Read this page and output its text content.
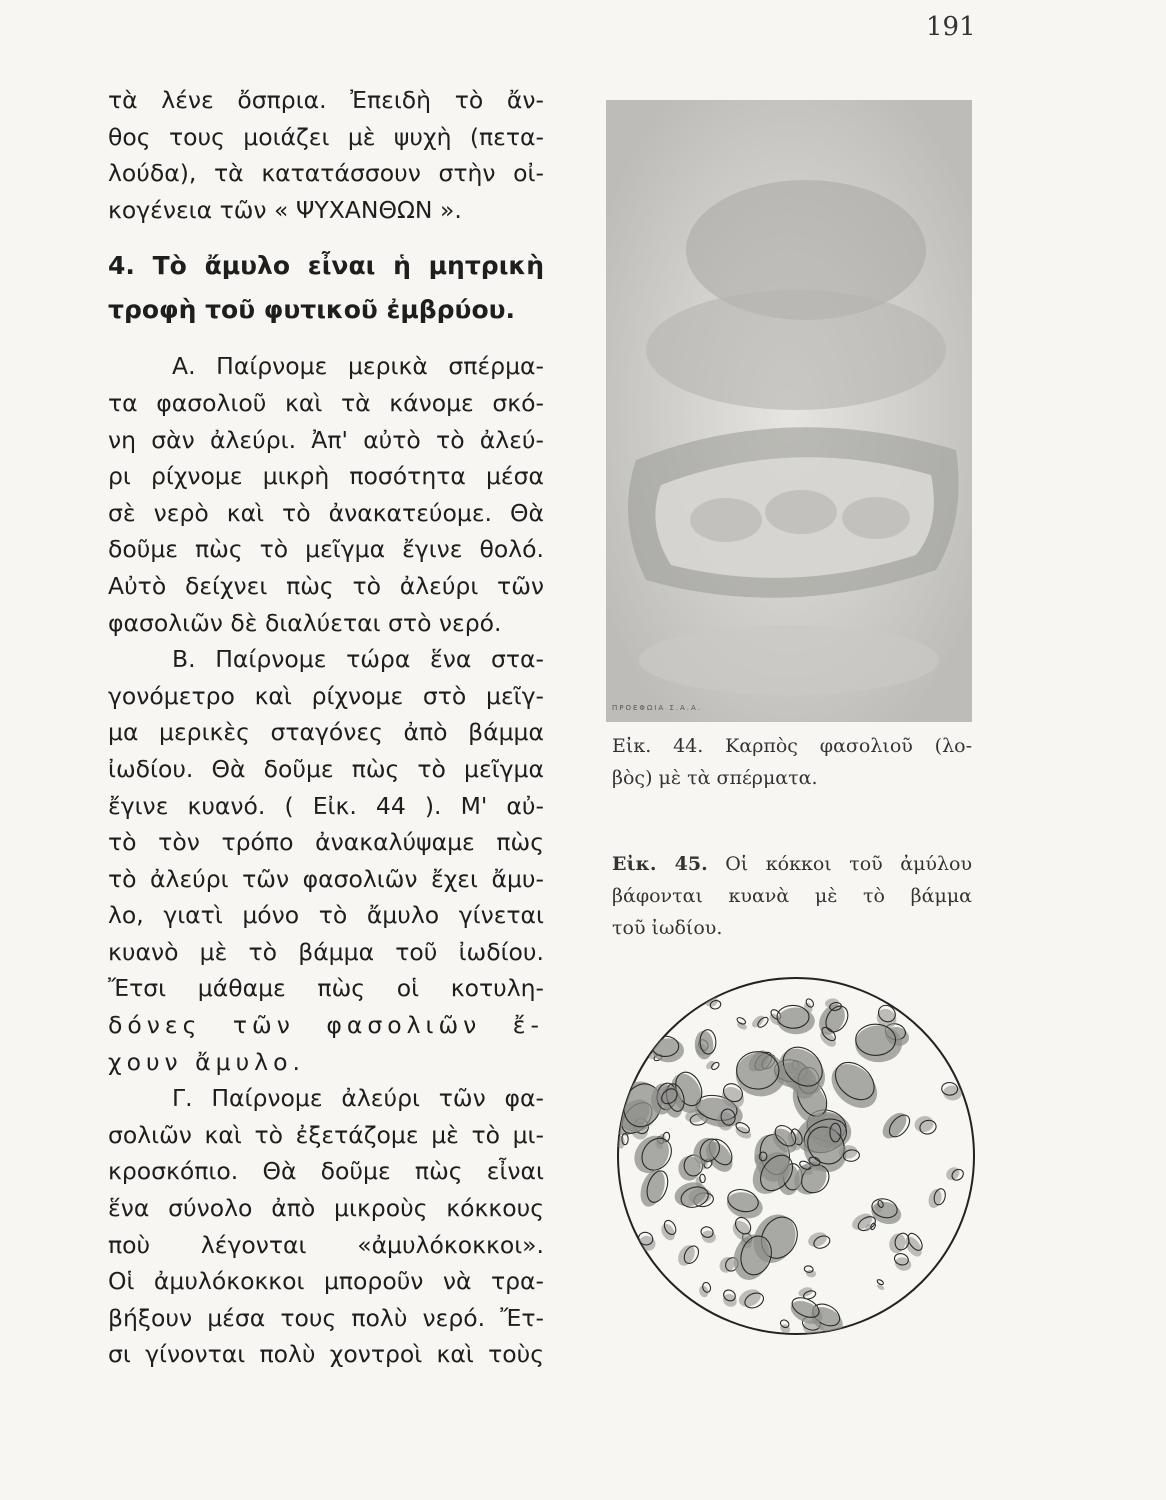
191
τὰ λένε ὄσπρια. Ἐπειδὴ τὸ ἄν-
θος τους μοιάζει μὲ ψυχὴ (πετα-
λούδα), τὰ κατατάσσουν στὴν οἰ-
κογένεια τῶν « ΨΥΧΑΝΘΩΝ ».
4. Τὸ ἄμυλο εἶναι ἡ μητρικὴ
τροφὴ τοῦ φυτικοῦ ἐμβρύου.
Α. Παίρνομε μερικὰ σπέρμα-
τα φασολιοῦ καὶ τὰ κάνομε σκό-
νη σὰν ἀλεύρι. Ἀπ' αὐτὸ τὸ ἀλεύ-
ρι ρίχνομε μικρὴ ποσότητα μέσα
σὲ νερὸ καὶ τὸ ἀνακατεύομε. Θὰ
δοῦμε πὼς τὸ μεῖγμα ἔγινε θολό.
Αὐτὸ δείχνει πὼς τὸ ἀλεύρι τῶν
φασολιῶν δὲ διαλύεται στὸ νερό.
Β. Παίρνομε τώρα ἕνα στα-
γονόμετρο καὶ ρίχνομε στὸ μεῖγ-
μα μερικὲς σταγόνες ἀπὸ βάμμα
ἰωδίου. Θὰ δοῦμε πὼς τὸ μεῖγμα
ἔγινε κυανό. ( Εἰκ. 44 ). Μ' αὐ-
τὸ τὸν τρόπο ἀνακαλύψαμε πὼς
τὸ ἀλεύρι τῶν φασολιῶν ἔχει ἄμυ-
λο, γιατὶ μόνο τὸ ἄμυλο γίνεται
κυανὸ μὲ τὸ βάμμα τοῦ ἰωδίου.
Ἔτσι μάθαμε πὼς οἱ κοτυλη-
δόνες τῶν φασολιῶν ἔ-
χουν ἄμυλο.
Γ. Παίρνομε ἀλεύρι τῶν φα-
σολιῶν καὶ τὸ ἐξετάζομε μὲ τὸ μι-
κροσκόπιο. Θὰ δοῦμε πὼς εἶναι
ἕνα σύνολο ἀπὸ μικροὺς κόκκους
ποὺ λέγονται «ἀμυλόκοκκοι».
Οἱ ἀμυλόκοκκοι μποροῦν νὰ τρα-
βήξουν μέσα τους πολὺ νερό. Ἔτ-
σι γίνονται πολὺ χοντροὶ καὶ τοὺς
ΠΡΟΕΦΩΙΑ Σ.Α.Α.
Εἰκ. 44. Καρπὸς φασολιοῦ (λο-
βὸς) μὲ τὰ σπέρματα.
Εἰκ. 45. Οἱ κόκκοι τοῦ ἀμύλου
βάφονται κυανὰ μὲ τὸ βάμμα
τοῦ ἰωδίου.
